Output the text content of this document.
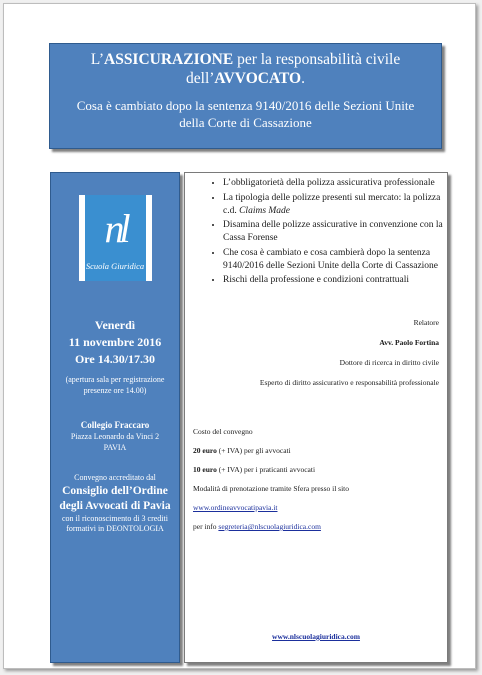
L’ASSICURAZIONE per la responsabilità civile
dell’AVVOCATO.
Cosa è cambiato dopo la sentenza 9140/2016 delle Sezioni Unite
della Corte di Cassazione
nl
Scuola Giuridica
Venerdì
11 novembre 2016
Ore 14.30/17.30
(apertura sala per registrazione presenze ore 14.00)
Collegio Fraccaro
Piazza Leonardo da Vinci 2
PAVIA
Convegno accreditato dal
Consiglio dell’Ordine degli Avvocati di Pavia
con il riconoscimento di 3 crediti formativi in DEONTOLOGIA
• L’obbligatorietà della polizza assicurativa professionale
• La tipologia delle polizze presenti sul mercato: la polizza c.d. Claims Made
• Disamina delle polizze assicurative in convenzione con la Cassa Forense
• Che cosa è cambiato e cosa cambierà dopo la sentenza 9140/2016 delle Sezioni Unite della Corte di Cassazione
• Rischi della professione e condizioni contrattuali
Relatore
Avv. Paolo Fortina
Dottore di ricerca in diritto civile
Esperto di diritto assicurativo e responsabilità professionale

Costo del convegno

20 euro (+ IVA) per gli avvocati

10 euro (+ IVA) per i praticanti avvocati

Modalità di prenotazione tramite Sfera presso il sito

www.ordineavvocatipavia.it

per info segreteria@nlscuolagiuridica.com

www.nlscuolagiuridica.com
